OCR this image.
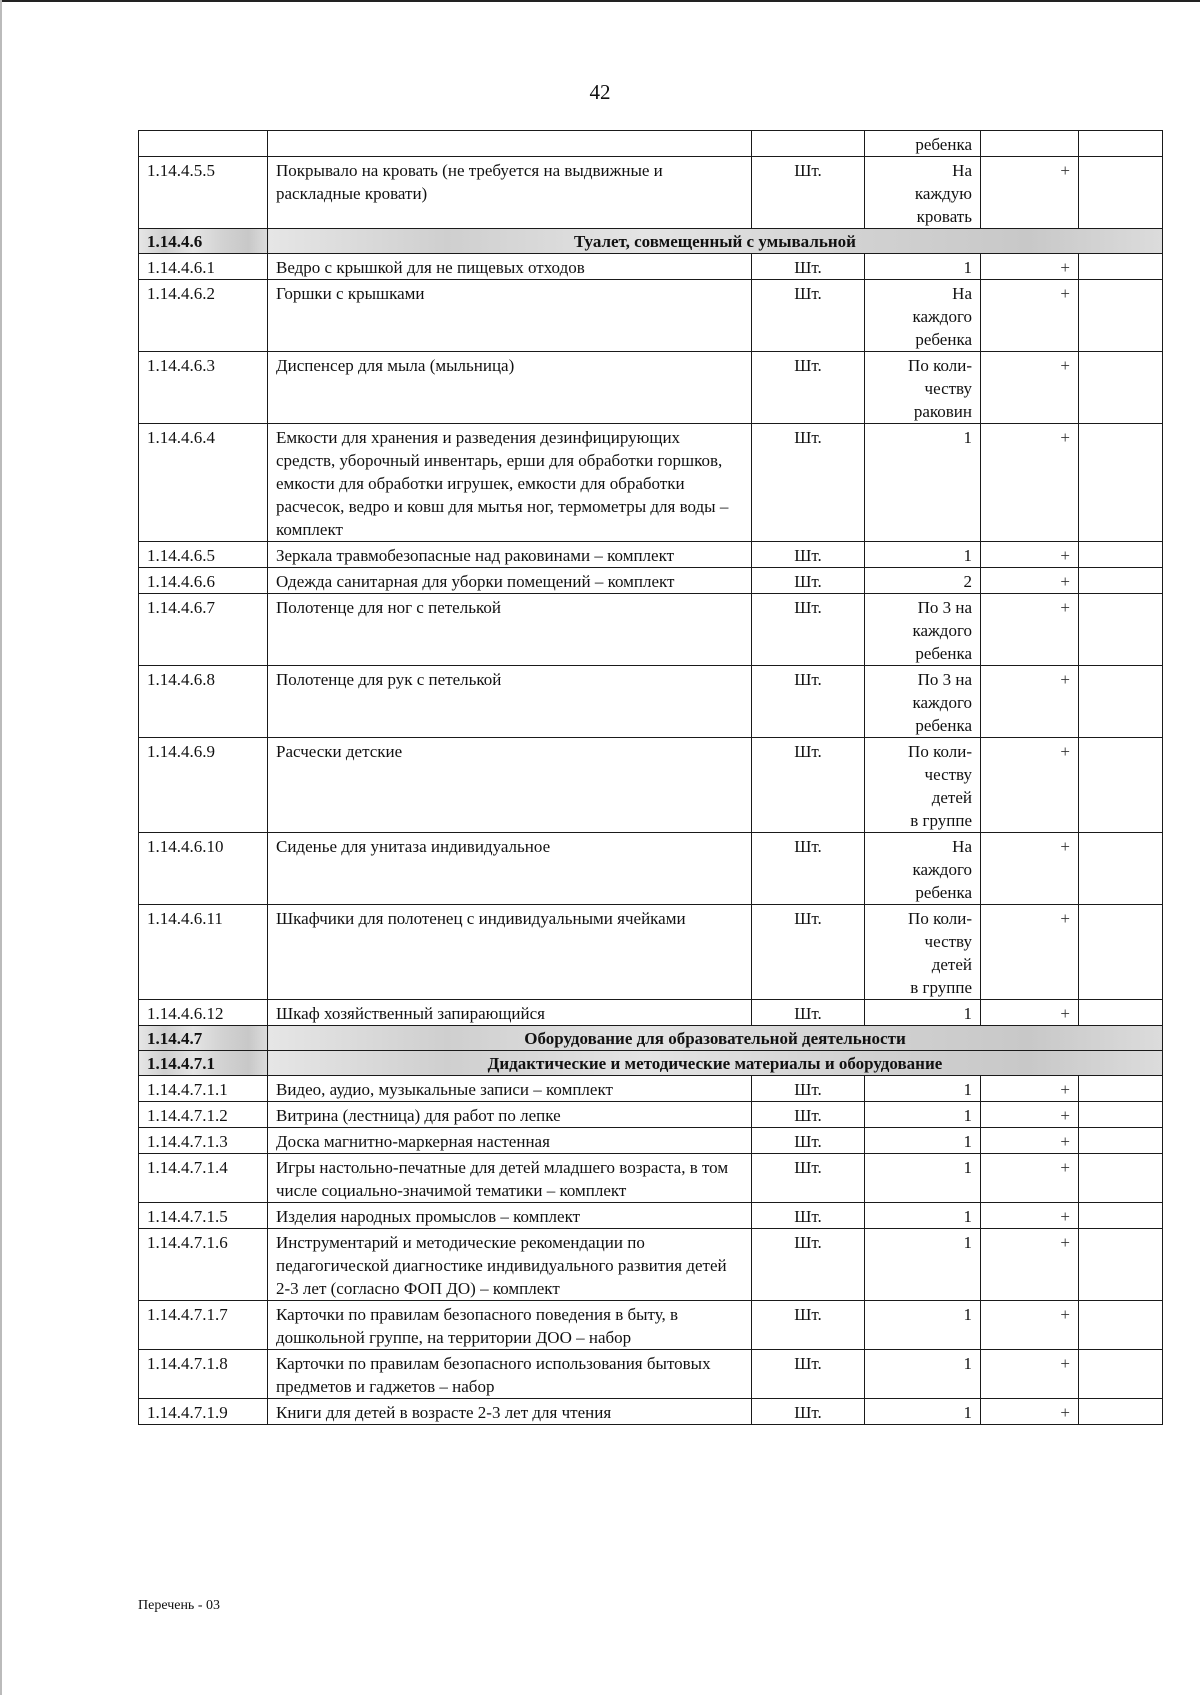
42
			ребенка		
1.14.4.5.5	Покрывало на кровать (не требуется на выдвижные и раскладные кровати)	Шт.	На
каждую
кровать	+	
1.14.4.6	Туалет, совмещенный с умывальной				
1.14.4.6.1	Ведро с крышкой для не пищевых отходов	Шт.	1	+	
1.14.4.6.2	Горшки с крышками	Шт.	На
каждого
ребенка	+	
1.14.4.6.3	Диспенсер для мыла (мыльница)	Шт.	По коли-
честву
раковин	+	
1.14.4.6.4	Емкости для хранения и разведения дезинфицирующих средств, уборочный инвентарь, ерши для обработки горшков, емкости для обработки игрушек, емкости для обработки расчесок, ведро и ковш для мытья ног, термометры для воды – комплект	Шт.	1	+	
1.14.4.6.5	Зеркала травмобезопасные над раковинами – комплект	Шт.	1	+	
1.14.4.6.6	Одежда санитарная для уборки помещений – комплект	Шт.	2	+	
1.14.4.6.7	Полотенце для ног с петелькой	Шт.	По 3 на
каждого
ребенка	+	
1.14.4.6.8	Полотенце для рук с петелькой	Шт.	По 3 на
каждого
ребенка	+	
1.14.4.6.9	Расчески детские	Шт.	По коли-
честву
детей
в группе	+	
1.14.4.6.10	Сиденье для унитаза индивидуальное	Шт.	На
каждого
ребенка	+	
1.14.4.6.11	Шкафчики для полотенец с индивидуальными ячейками	Шт.	По коли-
честву
детей
в группе	+	
1.14.4.6.12	Шкаф хозяйственный запирающийся	Шт.	1	+	
1.14.4.7	Оборудование для образовательной деятельности				
1.14.4.7.1	Дидактические и методические материалы и оборудование				
1.14.4.7.1.1	Видео, аудио, музыкальные записи – комплект	Шт.	1	+	
1.14.4.7.1.2	Витрина (лестница) для работ по лепке	Шт.	1	+	
1.14.4.7.1.3	Доска магнитно-маркерная настенная	Шт.	1	+	
1.14.4.7.1.4	Игры настольно-печатные для детей младшего возраста, в том числе социально-значимой тематики – комплект	Шт.	1	+	
1.14.4.7.1.5	Изделия народных промыслов – комплект	Шт.	1	+	
1.14.4.7.1.6	Инструментарий и методические рекомендации по педагогической диагностике индивидуального развития детей 2-3 лет (согласно ФОП ДО) – комплект	Шт.	1	+	
1.14.4.7.1.7	Карточки по правилам безопасного поведения в быту, в дошкольной группе, на территории ДОО – набор	Шт.	1	+	
1.14.4.7.1.8	Карточки по правилам безопасного использования бытовых предметов и гаджетов – набор	Шт.	1	+	
1.14.4.7.1.9	Книги для детей в возрасте 2-3 лет для чтения	Шт.	1	+	
Перечень - 03
